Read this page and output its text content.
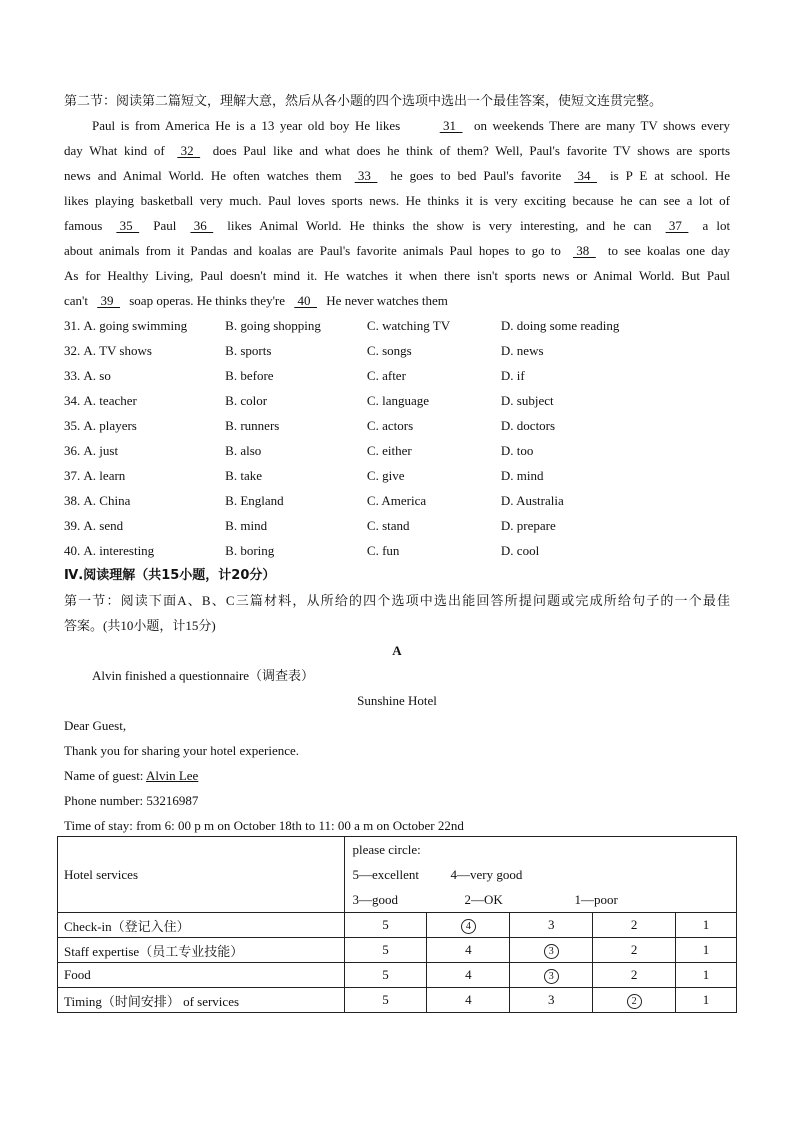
第二节：阅读第二篇短文，理解大意，然后从各小题的四个选项中选出一个最佳答案，使短文连贯完整。
Paul is from America He is a 13 year old boy He likes	31   on weekends There are many TV shows every
day What kind of  32   does Paul like and what does he think of them? Well, Paul's favorite TV shows are sports
news and Animal World. He often watches them  33   he goes to bed Paul's favorite  34   is P E at school. He
likes playing basketball very much. Paul loves sports news. He thinks it is very exciting because he can see a lot of
famous  35   Paul  36   likes Animal World. He thinks the show is very interesting, and he can  37   a lot
about animals from it Pandas and koalas are Paul's favorite animals Paul hopes to go to  38   to see koalas one day
As for Healthy Living, Paul doesn't mind it. He watches it when there isn't sports news or Animal World. But Paul
can't  39   soap operas. He thinks they're  40   He never watches them
31. A. going swimming	B. going shopping	C. watching TV	D. doing some reading
32. A. TV shows	B. sports	C. songs	D. news
33. A. so	B. before	C. after	D. if
34. A. teacher	B. color	C. language	D. subject
35. A. players	B. runners	C. actors	D. doctors
36. A. just	B. also	C. either	D. too
37. A. learn	B. take	C. give	D. mind
38. A. China	B. England	C. America	D. Australia
39. A. send	B. mind	C. stand	D. prepare
40. A. interesting	B. boring	C. fun	D. cool
Ⅳ.阅读理解（共15小题，计20分）
第一节：阅读下面A、B、C三篇材料，从所给的四个选项中选出能回答所提问题或完成所给句子的一个最佳
答案。(共10小题，计15分)
A
Alvin finished a questionnaire（调查表）
Sunshine Hotel
Dear Guest,
Thank you for sharing your hotel experience.
Name of guest: Alvin Lee
Phone number: 53216987
Time of stay: from 6: 00 p m on October 18th to 11: 00 a m on October 22nd
Hotel services	please circle:
5—excellent 4—very good
3—good 2—OK 1—poor				

Check-in（登记入住）	5	4	3	2	1
Staff expertise（员工专业技能）	5	4	3	2	1
Food	5	4	3	2	1
Timing（时间安排） of services	5	4	3	2	1
